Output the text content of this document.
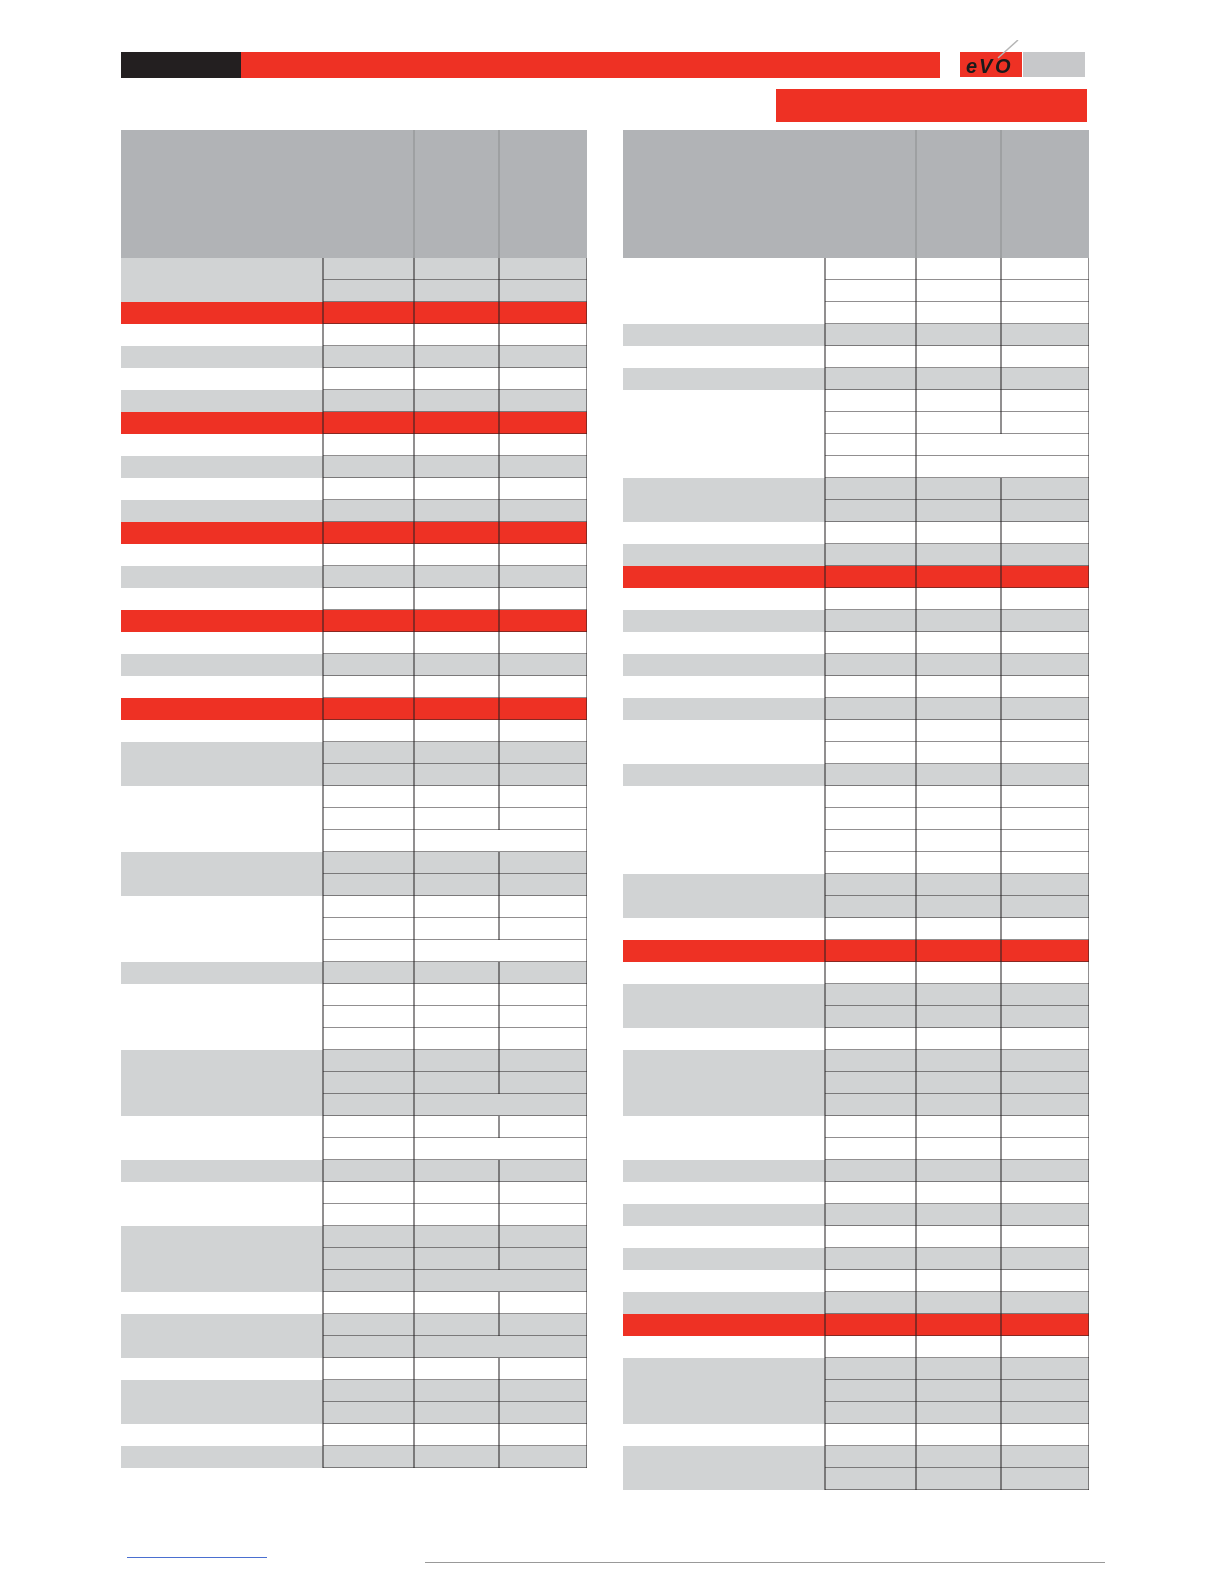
e V O
